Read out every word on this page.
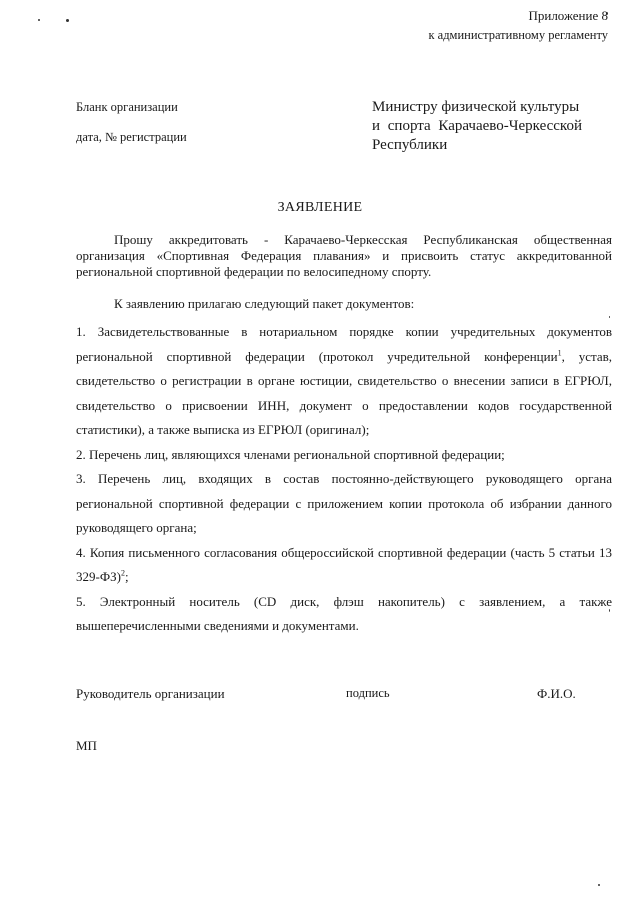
Приложение 8
к административному регламенту
Бланк организации
дата, № регистрации
Министру физической культуры
и спорта Карачаево-Черкесской
Республики
ЗАЯВЛЕНИЕ

Прошу аккредитовать - Карачаево-Черкесская Республиканская общественная организация «Спортивная Федерация плавания» и присвоить статус аккредитованной региональной спортивной федерации по велосипедному спорту.

К заявлению прилагаю следующий пакет документов:

1. Засвидетельствованные в нотариальном порядке копии учредительных документов региональной спортивной федерации (протокол учредительной конференции$^1$, устав, свидетельство о регистрации в органе юстиции, свидетельство о внесении записи в ЕГРЮЛ, свидетельство о присвоении ИНН, документ о предоставлении кодов государственной статистики), а также выписка из ЕГРЮЛ (оригинал);

2. Перечень лиц, являющихся членами региональной спортивной федерации;

3. Перечень лиц, входящих в состав постоянно-действующего руководящего органа региональной спортивной федерации с приложением копии протокола об избрании данного руководящего органа;

4. Копия письменного согласования общероссийской спортивной федерации (часть 5 статьи 13 329-ФЗ)$^2$;

5. Электронный носитель (CD диск, флэш накопитель) с заявлением, а также вышеперечисленными сведениями и документами.

Руководитель организации	подпись	Ф.И.О.
МП
